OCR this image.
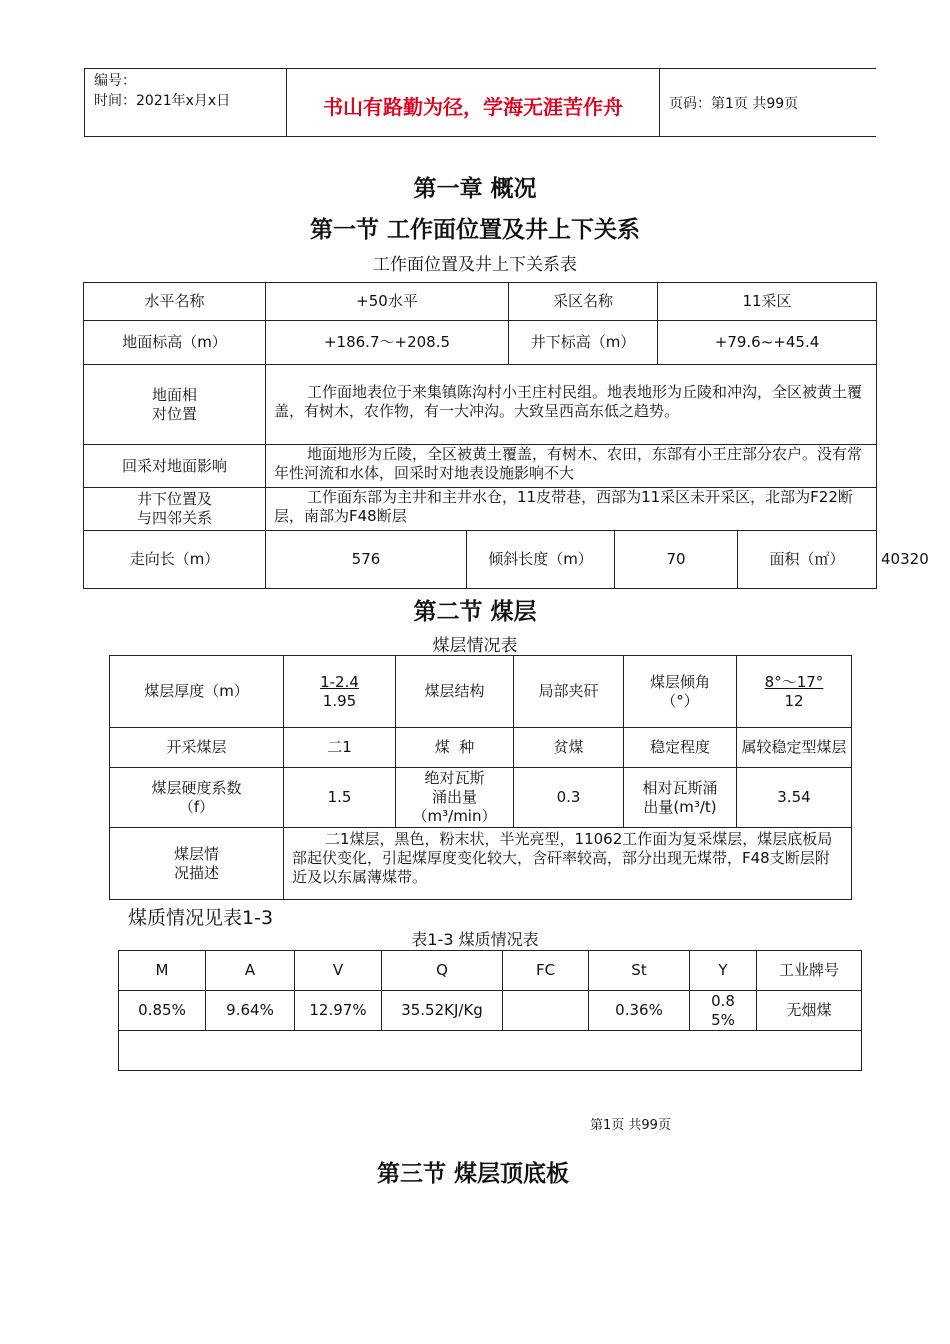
编号：
时间：2021年x月x日	书山有路勤为径，学海无涯苦作舟	页码：第1页 共99页
第一章 概况
第一节 工作面位置及井上下关系
工作面位置及井上下关系表
水平名称	+50水平		采区名称		11采区		
地面标高（m）	+186.7～+208.5		井下标高（m）		+79.6~+45.4		
地面相
对位置	工作面地表位于来集镇陈沟村小王庄村民组。地表地形为丘陵和冲沟，全区被黄土覆盖，有树木，农作物，有一大冲沟。大致呈西高东低之趋势。						

回采对地面影响	地面地形为丘陵，全区被黄土覆盖，有树木、农田，东部有小王庄部分农户。没有常年性河流和水体，回采时对地表设施影响不大						

井下位置及
与四邻关系	工作面东部为主井和主井水仓，11皮带巷，西部为11采区未开采区，北部为F22断层，南部为F48断层						

走向长（m）	576	倾斜长度（m）		70		面积（㎡）	40320
第二节 煤层
煤层情况表
煤层厚度（m）	1-2.4
1.95	煤层结构	局部夹矸	煤层倾角
（°）	8°～17°
12

开采煤层	二1	煤  种	贫煤	稳定程度	属较稳定型煤层
煤层硬度系数
（f）	1.5	绝对瓦斯
涌出量
（m³/min）	0.3	相对瓦斯涌
出量(m³/t)	3.54
煤层情
况描述	二1煤层，黑色，粉末状，半光亮型，11062工作面为复采煤层，煤层底板局部起伏变化，引起煤厚度变化较大，含矸率较高，部分出现无煤带，F48支断层附近及以东属薄煤带。				

煤质情况见表1-3
表1-3 煤质情况表
M	A	V	Q	FC	St	Y	工业牌号
0.85%	9.64%	12.97%	35.52KJ/Kg		0.36%	0.85%	无烟煤

第1页 共99页
第三节 煤层顶底板
